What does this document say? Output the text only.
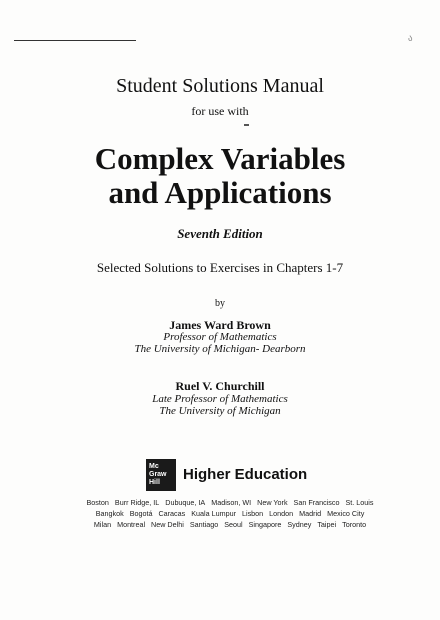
ა
Student Solutions Manual
for use with
Complex Variables
and Applications
Seventh Edition
Selected Solutions to Exercises in Chapters 1-7
by
James Ward Brown
Professor of Mathematics
The University of Michigan- Dearborn
Ruel V. Churchill
Late Professor of Mathematics
The University of Michigan
Mc
Graw
Hill	Higher Education
Boston Burr Ridge, IL Dubuque, IA Madison, WI New York San Francisco St. Louis
Bangkok Bogotá Caracas Kuala Lumpur Lisbon London Madrid Mexico City
Milan Montreal New Delhi Santiago Seoul Singapore Sydney Taipei Toronto
